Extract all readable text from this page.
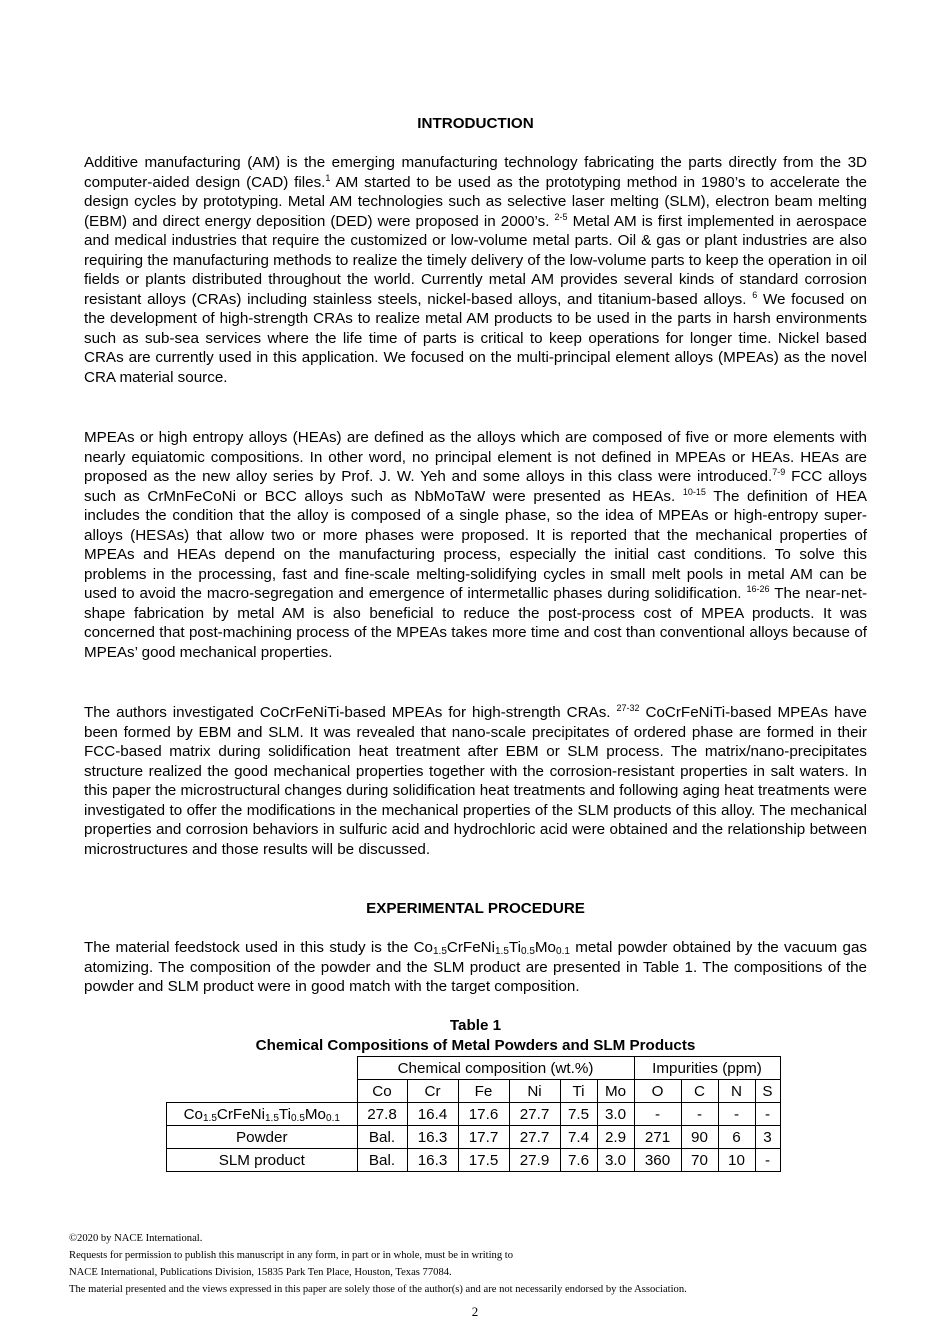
INTRODUCTION

Additive manufacturing (AM) is the emerging manufacturing technology fabricating the parts directly from the 3D computer-aided design (CAD) files.$^1$ AM started to be used as the prototyping method in 1980’s to accelerate the design cycles by prototyping. Metal AM technologies such as selective laser melting (SLM), electron beam melting (EBM) and direct energy deposition (DED) were proposed in 2000’s. $^{2-5}$ Metal AM is first implemented in aerospace and medical industries that require the customized or low-volume metal parts. Oil & gas or plant industries are also requiring the manufacturing methods to realize the timely delivery of the low-volume parts to keep the operation in oil fields or plants distributed throughout the world. Currently metal AM provides several kinds of standard corrosion resistant alloys (CRAs) including stainless steels, nickel-based alloys, and titanium-based alloys. $^6$ We focused on the development of high-strength CRAs to realize metal AM products to be used in the parts in harsh environments such as sub-sea services where the life time of parts is critical to keep operations for longer time. Nickel based CRAs are currently used in this application. We focused on the multi-principal element alloys (MPEAs) as the novel CRA material source.

MPEAs or high entropy alloys (HEAs) are defined as the alloys which are composed of five or more elements with nearly equiatomic compositions. In other word, no principal element is not defined in MPEAs or HEAs. HEAs are proposed as the new alloy series by Prof. J. W. Yeh and some alloys in this class were introduced.$^{7-9}$ FCC alloys such as CrMnFeCoNi or BCC alloys such as NbMoTaW were presented as HEAs. $^{10-15}$ The definition of HEA includes the condition that the alloy is composed of a single phase, so the idea of MPEAs or high-entropy super-alloys (HESAs) that allow two or more phases were proposed. It is reported that the mechanical properties of MPEAs and HEAs depend on the manufacturing process, especially the initial cast conditions. To solve this problems in the processing, fast and fine-scale melting-solidifying cycles in small melt pools in metal AM can be used to avoid the macro-segregation and emergence of intermetallic phases during solidification. $^{16-26}$ The near-net-shape fabrication by metal AM is also beneficial to reduce the post-process cost of MPEA products. It was concerned that post-machining process of the MPEAs takes more time and cost than conventional alloys because of MPEAs’ good mechanical properties.

The authors investigated CoCrFeNiTi-based MPEAs for high-strength CRAs. $^{27-32}$ CoCrFeNiTi-based MPEAs have been formed by EBM and SLM. It was revealed that nano-scale precipitates of ordered phase are formed in their FCC-based matrix during solidification heat treatment after EBM or SLM process. The matrix/nano-precipitates structure realized the good mechanical properties together with the corrosion-resistant properties in salt waters. In this paper the microstructural changes during solidification heat treatments and following aging heat treatments were investigated to offer the modifications in the mechanical properties of the SLM products of this alloy. The mechanical properties and corrosion behaviors in sulfuric acid and hydrochloric acid were obtained and the relationship between microstructures and those results will be discussed.

EXPERIMENTAL PROCEDURE

The material feedstock used in this study is the $Co_{1.5}CrFeNi_{1.5}Ti_{0.5}Mo_{0.1}$ metal powder obtained by the vacuum gas atomizing. The composition of the powder and the SLM product are presented in Table 1. The compositions of the powder and SLM product were in good match with the target composition.

Table 1
Chemical Compositions of Metal Powders and SLM Products
	Chemical composition (wt.%)						Impurities (ppm)			
	Co	Cr	Fe	Ni	Ti	Mo	O	C	N	S
$Co_{1.5}CrFeNi_{1.5}Ti_{0.5}Mo_{0.1}$	27.8	16.4	17.6	27.7	7.5	3.0	-	-	-	-
Powder	Bal.	16.3	17.7	27.7	7.4	2.9	271	90	6	3
SLM product	Bal.	16.3	17.5	27.9	7.6	3.0	360	70	10	-

©2020 by NACE International.

Requests for permission to publish this manuscript in any form, in part or in whole, must be in writing to

NACE International, Publications Division, 15835 Park Ten Place, Houston, Texas 77084.

The material presented and the views expressed in this paper are solely those of the author(s) and are not necessarily endorsed by the Association.

2
